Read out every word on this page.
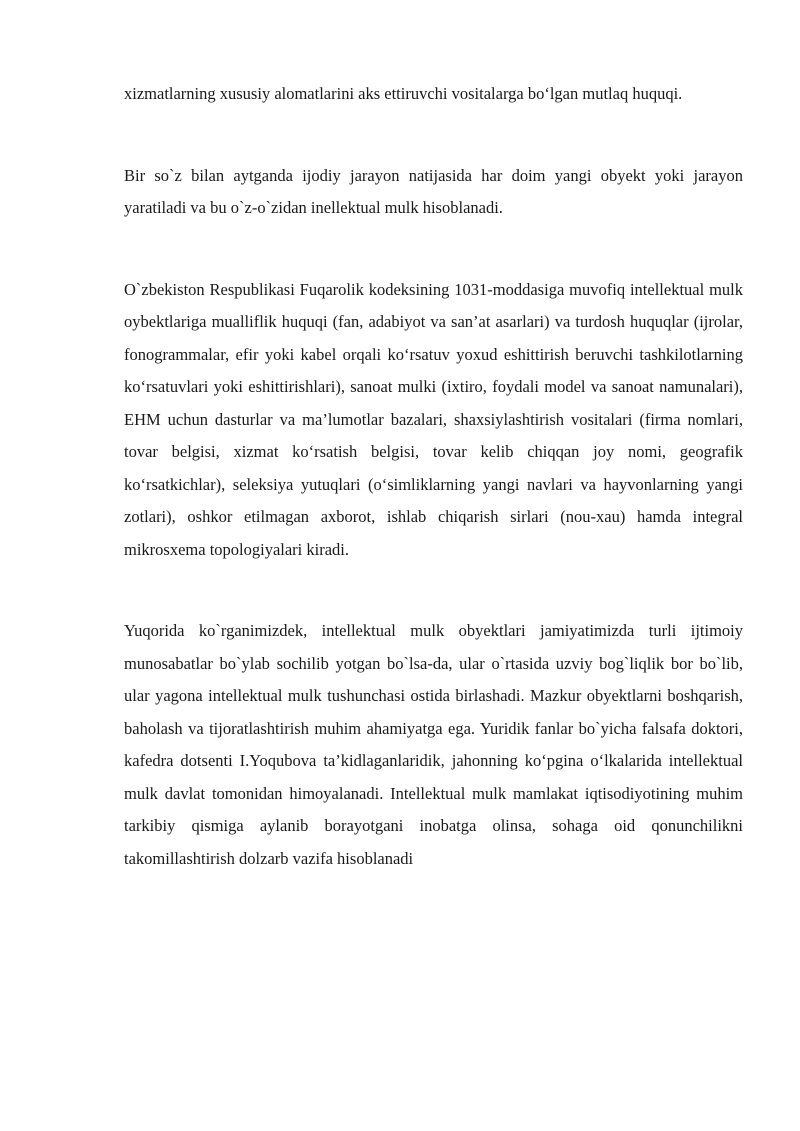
xizmatlarning xususiy alomatlarini aks ettiruvchi vositalarga bo‘lgan mutlaq huquqi.

Bir so`z bilan aytganda ijodiy jarayon natijasida har doim yangi obyekt yoki jarayon yaratiladi va bu o`z-o`zidan inellektual mulk hisoblanadi.

O`zbekiston Respublikasi Fuqarolik kodeksining 1031-moddasiga muvofiq intellektual mulk oybektlariga mualliflik huquqi (fan, adabiyot va san’at asarlari) va turdosh huquqlar (ijrolar, fonogrammalar, efir yoki kabel orqali ko‘rsatuv yoxud eshittirish beruvchi tashkilotlarning ko‘rsatuvlari yoki eshittirishlari), sanoat mulki (ixtiro, foydali model va sanoat namunalari), EHM uchun dasturlar va ma’lumotlar bazalari, shaxsiylashtirish vositalari (firma nomlari, tovar belgisi, xizmat ko‘rsatish belgisi, tovar kelib chiqqan joy nomi, geografik ko‘rsatkichlar), seleksiya yutuqlari (o‘simliklarning yangi navlari va hayvonlarning yangi zotlari), oshkor etilmagan axborot, ishlab chiqarish sirlari (nou-xau) hamda integral mikrosxema topologiyalari kiradi.

Yuqorida ko`rganimizdek, intellektual mulk obyektlari jamiyatimizda turli ijtimoiy munosabatlar bo`ylab sochilib yotgan bo`lsa-da, ular o`rtasida uzviy bog`liqlik bor bo`lib, ular yagona intellektual mulk tushunchasi ostida birlashadi. Mazkur obyektlarni boshqarish, baholash va tijoratlashtirish muhim ahamiyatga ega. Yuridik fanlar bo`yicha falsafa doktori, kafedra dotsenti I.Yoqubova ta’kidlaganlaridik, jahonning ko‘pgina o‘lkalarida intellektual mulk davlat tomonidan himoyalanadi. Intellektual mulk mamlakat iqtisodiyotining muhim tarkibiy qismiga aylanib borayotgani inobatga olinsa, sohaga oid qonunchilikni takomillashtirish dolzarb vazifa hisoblanadi
